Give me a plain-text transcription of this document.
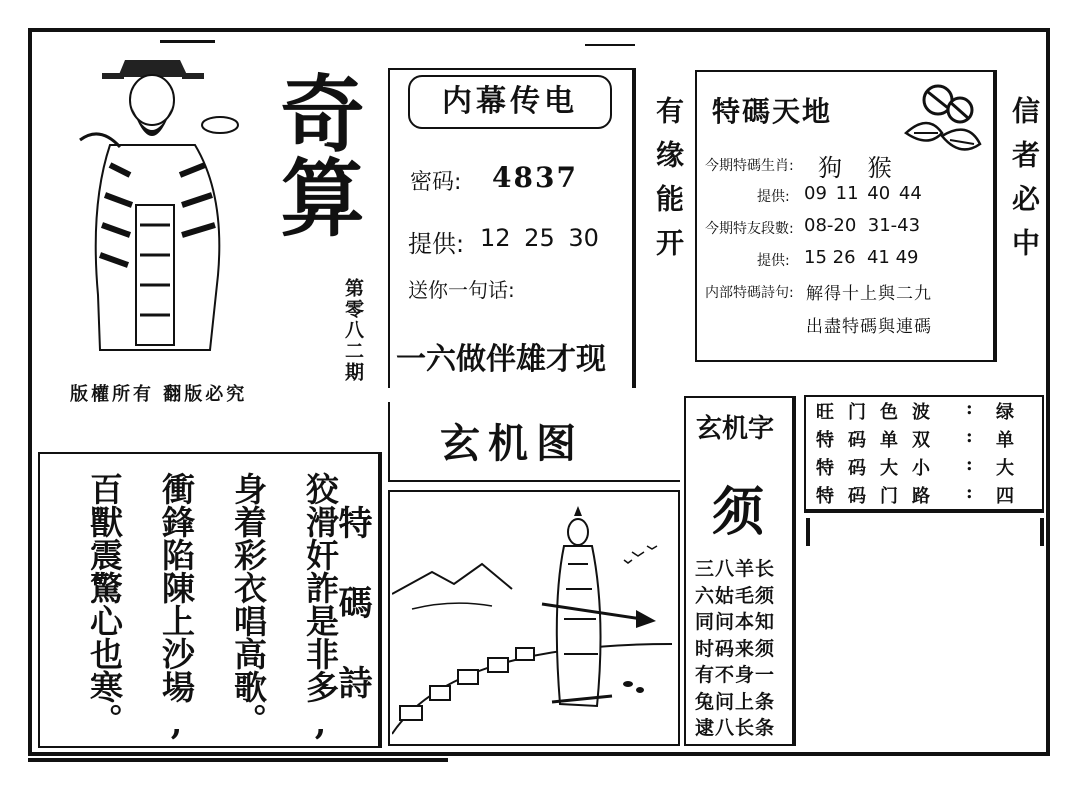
奇算
第零八二期
版權所有 翻版必究
内幕传电
密码: 4837
提供: 12 25 30
送你一句话:
一六做伴雄才现
有缘能开 特碼天地
今期特碼生肖: 狗 猴
提供: 09 11 40 44
今期特友段數: 08-20  31-43
提供: 15 26  41 49
内部特碼詩句: 解得十上與二九
出盡特碼與連碼
信者必中
旺门色波	:	绿
特码单双	:	单
特码大小	:	大
特码门路	:	四
玄机图
特碼詩
狡滑奸詐是非多,
身着彩衣唱高歌。
衝鋒陷陳上沙場,
百獸震驚心也寒。
玄机字
须
三八羊长
六姑毛须
同问本知
时码来须
有不身一
兔问上条
逮八长条
